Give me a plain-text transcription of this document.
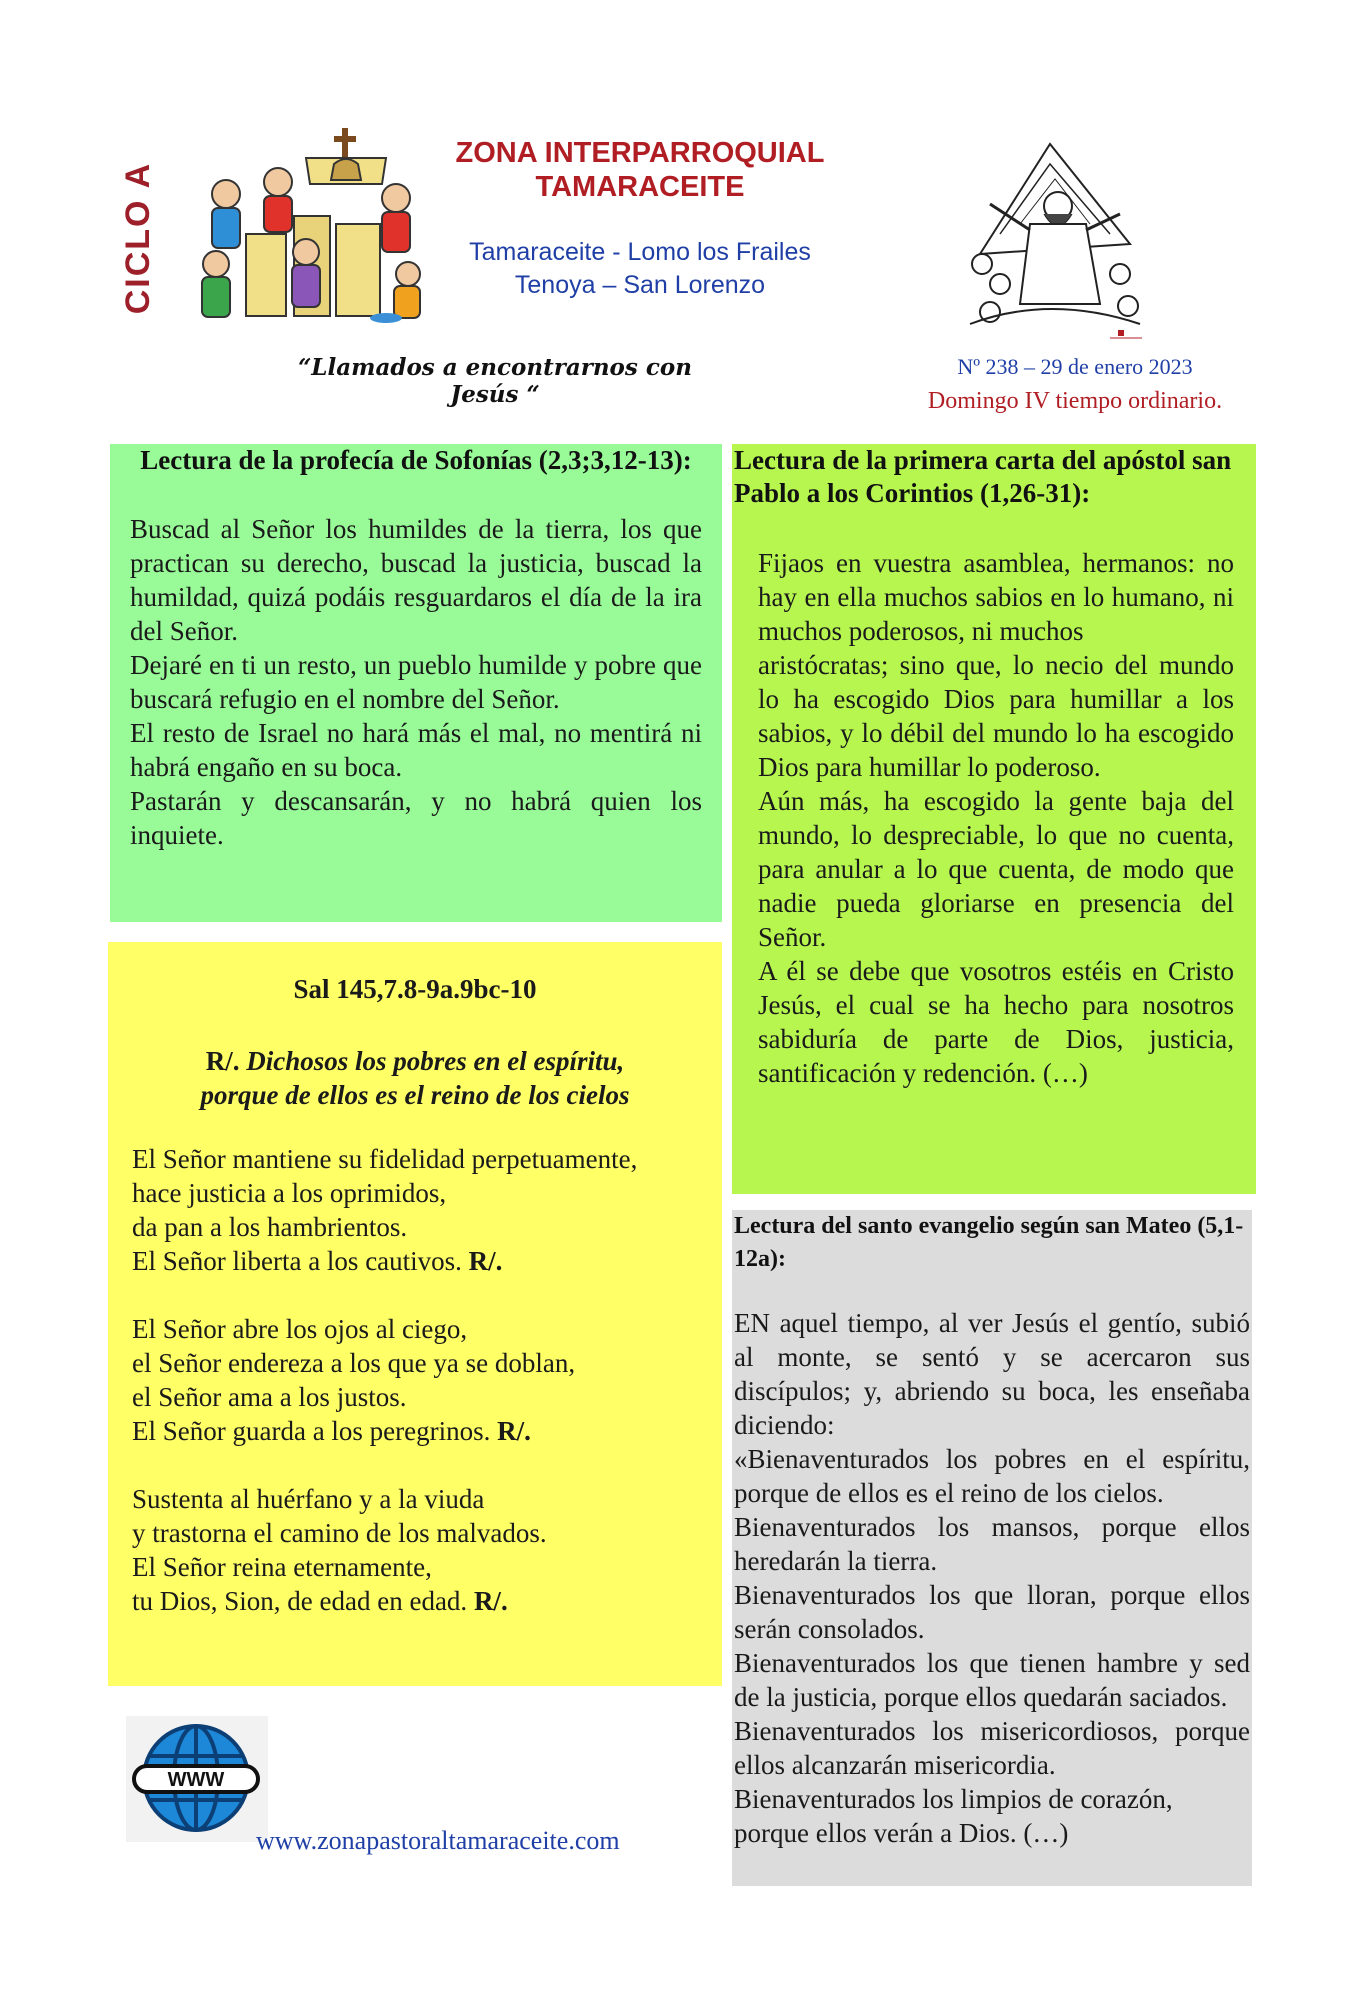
CICLO A
ZONA INTERPARROQUIAL
TAMARACEITE
Tamaraceite - Lomo los Frailes
Tenoya – San Lorenzo
“Llamados a encontrarnos con Jesús “
Nº 238 – 29 de enero 2023
Domingo IV tiempo ordinario.
Lectura de la profecía de Sofonías (2,3;3,12-13):

Buscad al Señor los humildes de la tierra, los que practican su derecho, buscad la justicia, buscad la humildad, quizá podáis resguardaros el día de la ira del Señor.

Dejaré en ti un resto, un pueblo humilde y pobre que buscará refugio en el nombre del Señor.

El resto de Israel no hará más el mal, no mentirá ni habrá engaño en su boca.

Pastarán y descansarán, y no habrá quien los inquiete.

Sal 145,7.8-9a.9bc-10
R/. Dichosos los pobres en el espíritu,
porque de ellos es el reino de los cielos
El Señor mantiene su fidelidad perpetuamente,
hace justicia a los oprimidos,
da pan a los hambrientos.
El Señor liberta a los cautivos. R/.
El Señor abre los ojos al ciego,
el Señor endereza a los que ya se doblan,
el Señor ama a los justos.
El Señor guarda a los peregrinos. R/.
Sustenta al huérfano y a la viuda
y trastorna el camino de los malvados.
El Señor reina eternamente,
tu Dios, Sion, de edad en edad. R/.
Lectura de la primera carta del apóstol san Pablo a los Corintios (1,26-31):

Fijaos en vuestra asamblea, hermanos: no hay en ella muchos sabios en lo humano, ni muchos poderosos, ni muchos

aristócratas; sino que, lo necio del mundo lo ha escogido Dios para humillar a los sabios, y lo débil del mundo lo ha escogido Dios para humillar lo poderoso.

Aún más, ha escogido la gente baja del mundo, lo despreciable, lo que no cuenta, para anular a lo que cuenta, de modo que nadie pueda gloriarse en presencia del Señor.

A él se debe que vosotros estéis en Cristo Jesús, el cual se ha hecho para nosotros sabiduría de parte de Dios, justicia, santificación y redención. (…)

Lectura del santo evangelio según san Mateo (5,1-12a):

EN aquel tiempo, al ver Jesús el gentío, subió al monte, se sentó y se acercaron sus discípulos; y, abriendo su boca, les enseñaba diciendo:

«Bienaventurados los pobres en el espíritu, porque de ellos es el reino de los cielos.

Bienaventurados los mansos, porque ellos heredarán la tierra.

Bienaventurados los que lloran, porque ellos serán consolados.

Bienaventurados los que tienen hambre y sed de la justicia, porque ellos quedarán saciados.

Bienaventurados los misericordiosos, porque ellos alcanzarán misericordia.

Bienaventurados los limpios de corazón, porque ellos verán a Dios. (…)

WWW
www.zonapastoraltamaraceite.com
